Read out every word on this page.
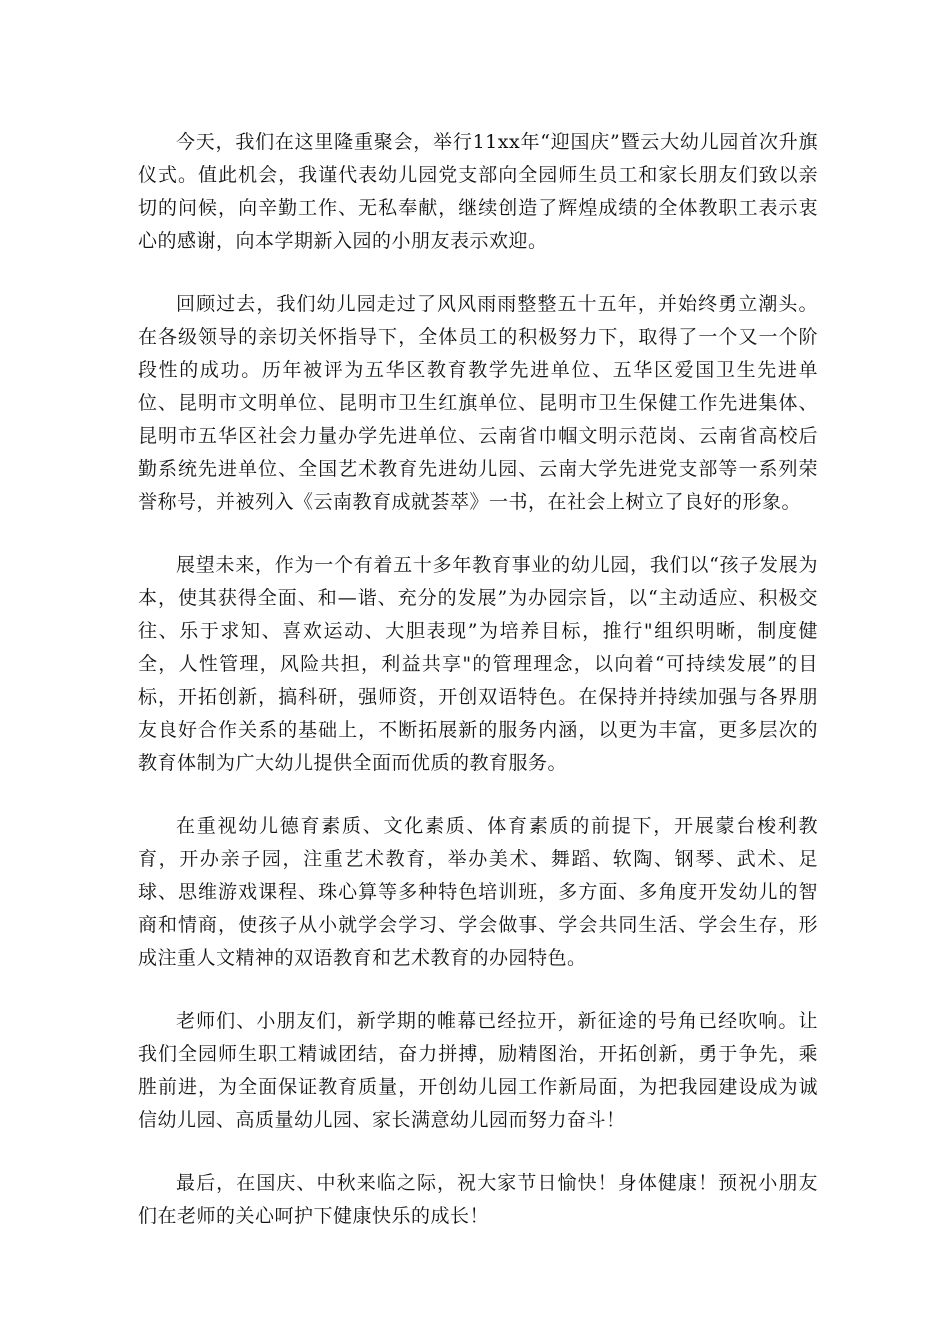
今天，我们在这里隆重聚会，举行11xx年“迎国庆”暨云大幼儿园首次升旗仪式。值此机会，我谨代表幼儿园党支部向全园师生员工和家长朋友们致以亲切的问候，向辛勤工作、无私奉献，继续创造了辉煌成绩的全体教职工表示衷心的感谢，向本学期新入园的小朋友表示欢迎。

回顾过去，我们幼儿园走过了风风雨雨整整五十五年，并始终勇立潮头。在各级领导的亲切关怀指导下，全体员工的积极努力下，取得了一个又一个阶段性的成功。历年被评为五华区教育教学先进单位、五华区爱国卫生先进单位、昆明市文明单位、昆明市卫生红旗单位、昆明市卫生保健工作先进集体、昆明市五华区社会力量办学先进单位、云南省巾帼文明示范岗、云南省高校后勤系统先进单位、全国艺术教育先进幼儿园、云南大学先进党支部等一系列荣誉称号，并被列入《云南教育成就荟萃》一书，在社会上树立了良好的形象。

展望未来，作为一个有着五十多年教育事业的幼儿园，我们以“孩子发展为本，使其获得全面、和—谐、充分的发展”为办园宗旨，以“主动适应、积极交往、乐于求知、喜欢运动、大胆表现”为培养目标，推行"组织明晰，制度健全，人性管理，风险共担，利益共享"的管理理念，以向着“可持续发展”的目标，开拓创新，搞科研，强师资，开创双语特色。在保持并持续加强与各界朋友良好合作关系的基础上，不断拓展新的服务内涵，以更为丰富，更多层次的教育体制为广大幼儿提供全面而优质的教育服务。

在重视幼儿德育素质、文化素质、体育素质的前提下，开展蒙台梭利教育，开办亲子园，注重艺术教育，举办美术、舞蹈、软陶、钢琴、武术、足球、思维游戏课程、珠心算等多种特色培训班，多方面、多角度开发幼儿的智商和情商，使孩子从小就学会学习、学会做事、学会共同生活、学会生存，形成注重人文精神的双语教育和艺术教育的办园特色。

老师们、小朋友们，新学期的帷幕已经拉开，新征途的号角已经吹响。让我们全园师生职工精诚团结，奋力拼搏，励精图治，开拓创新，勇于争先，乘胜前进，为全面保证教育质量，开创幼儿园工作新局面，为把我园建设成为诚信幼儿园、高质量幼儿园、家长满意幼儿园而努力奋斗！

最后，在国庆、中秋来临之际，祝大家节日愉快！身体健康！预祝小朋友们在老师的关心呵护下健康快乐的成长！
